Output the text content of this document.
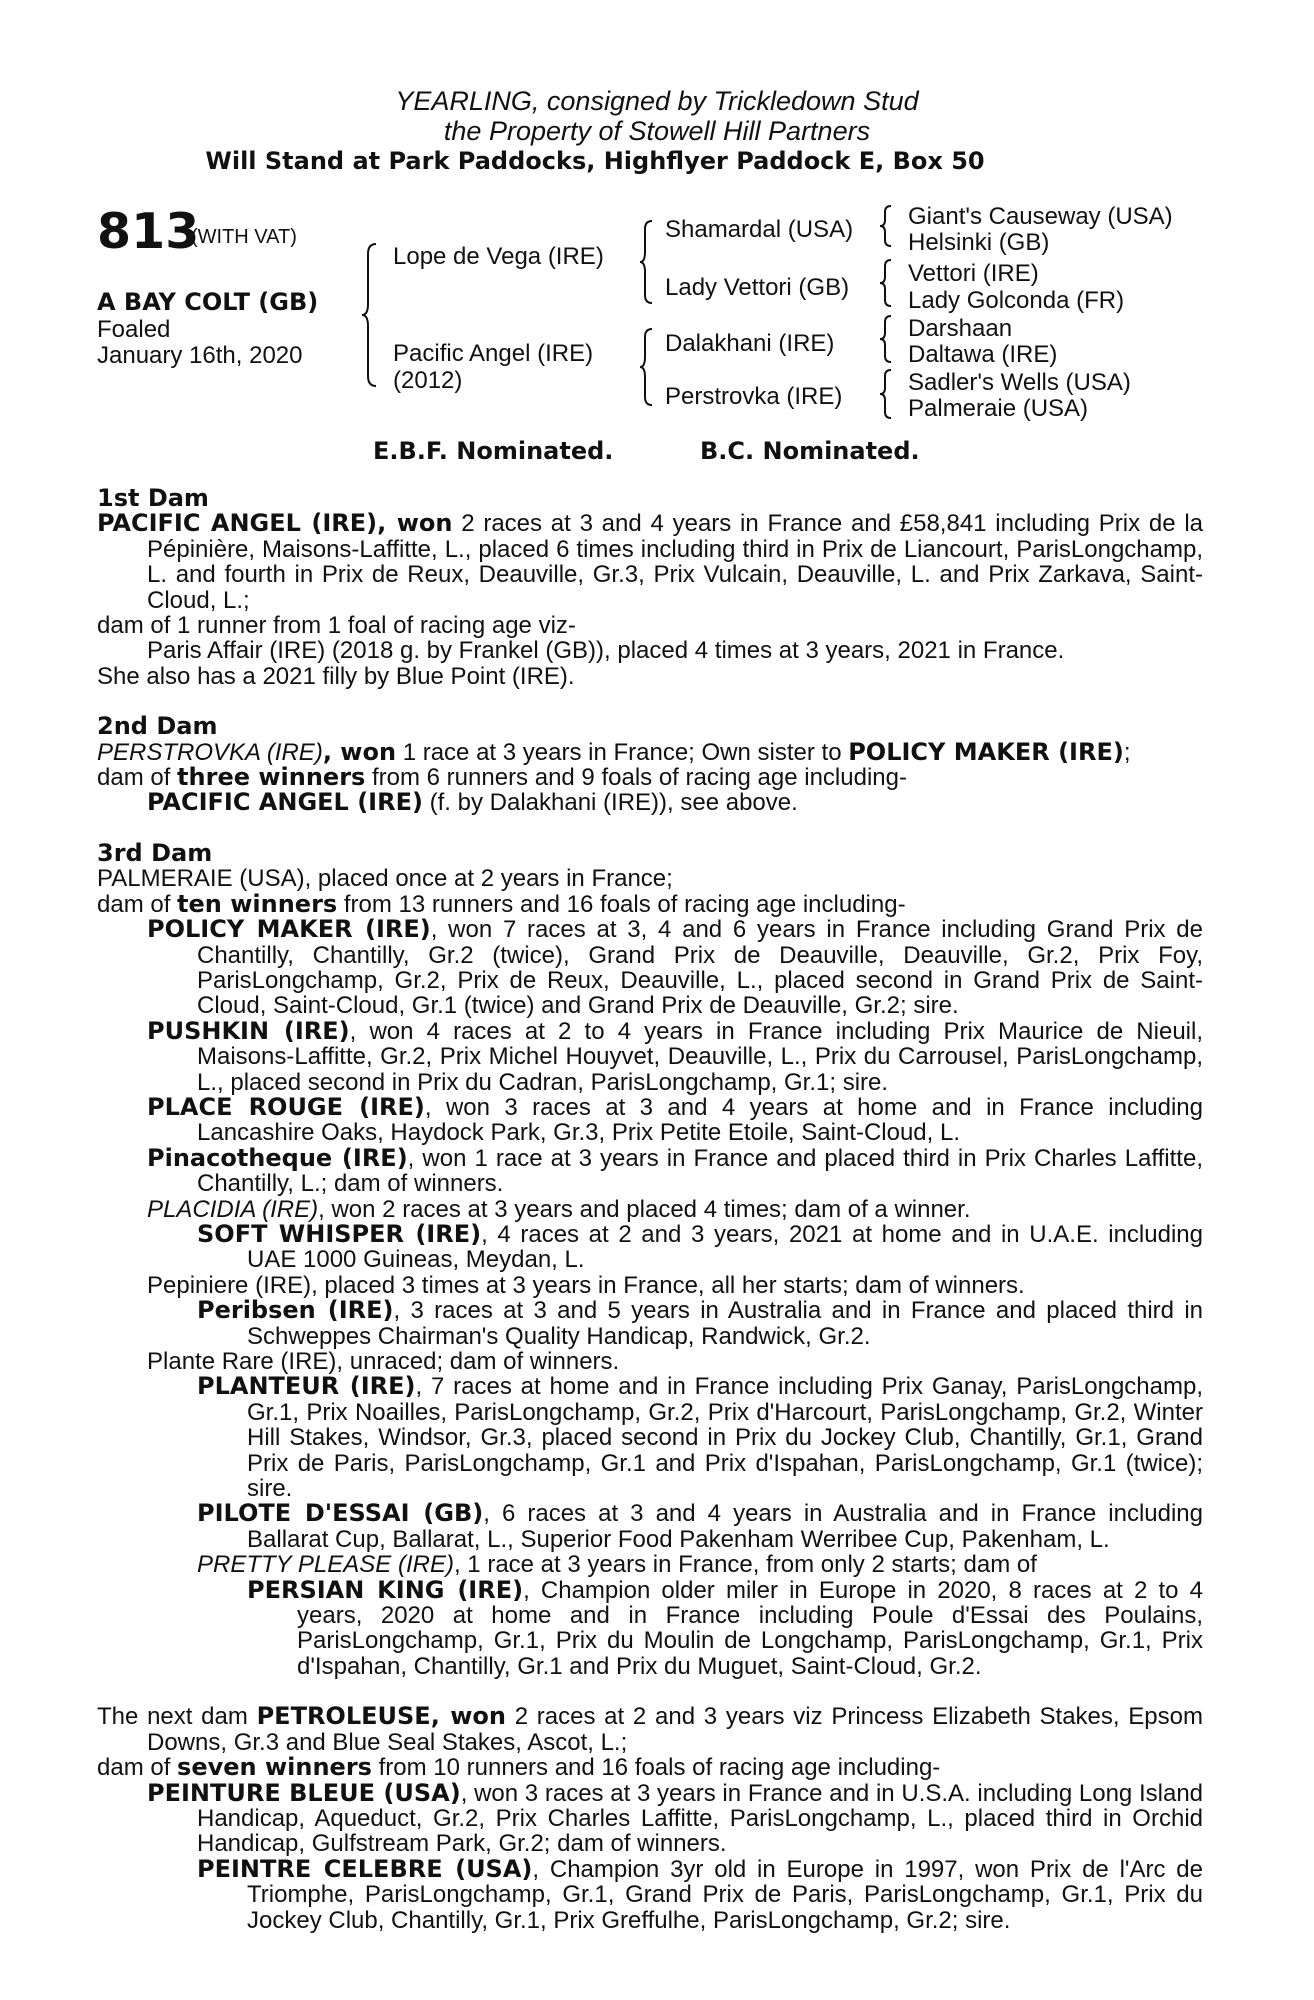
YEARLING, consigned by Trickledown Stud
the Property of Stowell Hill Partners
Will Stand at Park Paddocks, Highflyer Paddock E, Box 50
813
(WITH VAT)
A BAY COLT (GB)
Foaled
January 16th, 2020
Lope de Vega (IRE)
Pacific Angel (IRE)
(2012)
Shamardal (USA)
Lady Vettori (GB)
Dalakhani (IRE)
Perstrovka (IRE)
Giant's Causeway (USA)
Helsinki (GB)
Vettori (IRE)
Lady Golconda (FR)
Darshaan
Daltawa (IRE)
Sadler's Wells (USA)
Palmeraie (USA)
E.B.F. Nominated.	B.C. Nominated.
1st Dam

PACIFIC ANGEL (IRE), won 2 races at 3 and 4 years in France and £58,841 including Prix de la Pépinière, Maisons-Laffitte, L., placed 6 times including third in Prix de Liancourt, ParisLongchamp, L. and fourth in Prix de Reux, Deauville, Gr.3, Prix Vulcain, Deauville, L. and Prix Zarkava, Saint-Cloud, L.;

dam of 1 runner from 1 foal of racing age viz-

Paris Affair (IRE) (2018 g. by Frankel (GB)), placed 4 times at 3 years, 2021 in France.

She also has a 2021 filly by Blue Point (IRE).

2nd Dam

PERSTROVKA (IRE), won 1 race at 3 years in France; Own sister to POLICY MAKER (IRE);

dam of three winners from 6 runners and 9 foals of racing age including-

PACIFIC ANGEL (IRE) (f. by Dalakhani (IRE)), see above.

3rd Dam

PALMERAIE (USA), placed once at 2 years in France;

dam of ten winners from 13 runners and 16 foals of racing age including-

POLICY MAKER (IRE), won 7 races at 3, 4 and 6 years in France including Grand Prix de Chantilly, Chantilly, Gr.2 (twice), Grand Prix de Deauville, Deauville, Gr.2, Prix Foy, ParisLongchamp, Gr.2, Prix de Reux, Deauville, L., placed second in Grand Prix de Saint-Cloud, Saint-Cloud, Gr.1 (twice) and Grand Prix de Deauville, Gr.2; sire.

PUSHKIN (IRE), won 4 races at 2 to 4 years in France including Prix Maurice de Nieuil, Maisons-Laffitte, Gr.2, Prix Michel Houyvet, Deauville, L., Prix du Carrousel, ParisLongchamp, L., placed second in Prix du Cadran, ParisLongchamp, Gr.1; sire.

PLACE ROUGE (IRE), won 3 races at 3 and 4 years at home and in France including Lancashire Oaks, Haydock Park, Gr.3, Prix Petite Etoile, Saint-Cloud, L.

Pinacotheque (IRE), won 1 race at 3 years in France and placed third in Prix Charles Laffitte, Chantilly, L.; dam of winners.

PLACIDIA (IRE), won 2 races at 3 years and placed 4 times; dam of a winner.

SOFT WHISPER (IRE), 4 races at 2 and 3 years, 2021 at home and in U.A.E. including UAE 1000 Guineas, Meydan, L.

Pepiniere (IRE), placed 3 times at 3 years in France, all her starts; dam of winners.

Peribsen (IRE), 3 races at 3 and 5 years in Australia and in France and placed third in Schweppes Chairman's Quality Handicap, Randwick, Gr.2.

Plante Rare (IRE), unraced; dam of winners.

PLANTEUR (IRE), 7 races at home and in France including Prix Ganay, ParisLongchamp, Gr.1, Prix Noailles, ParisLongchamp, Gr.2, Prix d'Harcourt, ParisLongchamp, Gr.2, Winter Hill Stakes, Windsor, Gr.3, placed second in Prix du Jockey Club, Chantilly, Gr.1, Grand Prix de Paris, ParisLongchamp, Gr.1 and Prix d'Ispahan, ParisLongchamp, Gr.1 (twice); sire.

PILOTE D'ESSAI (GB), 6 races at 3 and 4 years in Australia and in France including Ballarat Cup, Ballarat, L., Superior Food Pakenham Werribee Cup, Pakenham, L.

PRETTY PLEASE (IRE), 1 race at 3 years in France, from only 2 starts; dam of

PERSIAN KING (IRE), Champion older miler in Europe in 2020, 8 races at 2 to 4 years, 2020 at home and in France including Poule d'Essai des Poulains, ParisLongchamp, Gr.1, Prix du Moulin de Longchamp, ParisLongchamp, Gr.1, Prix d'Ispahan, Chantilly, Gr.1 and Prix du Muguet, Saint-Cloud, Gr.2.

The next dam PETROLEUSE, won 2 races at 2 and 3 years viz Princess Elizabeth Stakes, Epsom Downs, Gr.3 and Blue Seal Stakes, Ascot, L.;

dam of seven winners from 10 runners and 16 foals of racing age including-

PEINTURE BLEUE (USA), won 3 races at 3 years in France and in U.S.A. including Long Island Handicap, Aqueduct, Gr.2, Prix Charles Laffitte, ParisLongchamp, L., placed third in Orchid Handicap, Gulfstream Park, Gr.2; dam of winners.

PEINTRE CELEBRE (USA), Champion 3yr old in Europe in 1997, won Prix de l'Arc de Triomphe, ParisLongchamp, Gr.1, Grand Prix de Paris, ParisLongchamp, Gr.1, Prix du Jockey Club, Chantilly, Gr.1, Prix Greffulhe, ParisLongchamp, Gr.2; sire.
